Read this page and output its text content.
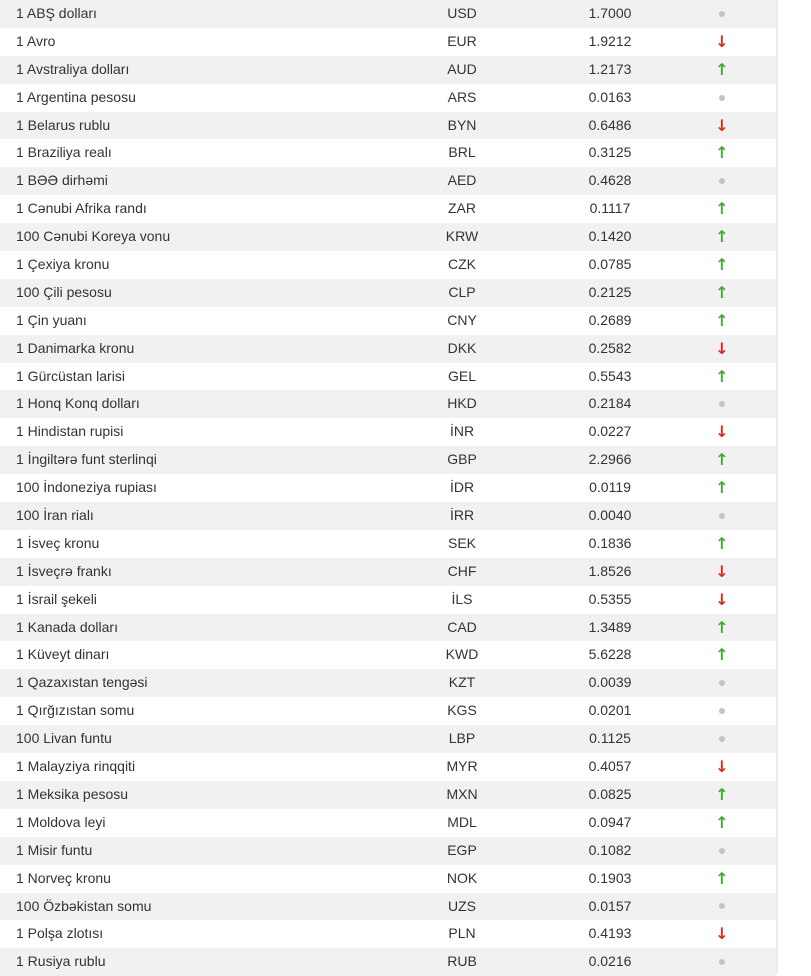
1 ABŞ dolları	USD	1.7000
1 Avro	EUR	1.9212	↓
1 Avstraliya dolları	AUD	1.2173	↑
1 Argentina pesosu	ARS	0.0163
1 Belarus rublu	BYN	0.6486	↓
1 Braziliya realı	BRL	0.3125	↑
1 BƏƏ dirhəmi	AED	0.4628
1 Cənubi Afrika randı	ZAR	0.1117	↑
100 Cənubi Koreya vonu	KRW	0.1420	↑
1 Çexiya kronu	CZK	0.0785	↑
100 Çili pesosu	CLP	0.2125	↑
1 Çin yuanı	CNY	0.2689	↑
1 Danimarka kronu	DKK	0.2582	↓
1 Gürcüstan larisi	GEL	0.5543	↑
1 Honq Konq dolları	HKD	0.2184
1 Hindistan rupisi	İNR	0.0227	↓
1 İngiltərə funt sterlinqi	GBP	2.2966	↑
100 İndoneziya rupiası	İDR	0.0119	↑
100 İran rialı	İRR	0.0040
1 İsveç kronu	SEK	0.1836	↑
1 İsveçrə frankı	CHF	1.8526	↓
1 İsrail şekeli	İLS	0.5355	↓
1 Kanada dolları	CAD	1.3489	↑
1 Küveyt dinarı	KWD	5.6228	↑
1 Qazaxıstan tengəsi	KZT	0.0039
1 Qırğızıstan somu	KGS	0.0201
100 Livan funtu	LBP	0.1125
1 Malayziya rinqqiti	MYR	0.4057	↓
1 Meksika pesosu	MXN	0.0825	↑
1 Moldova leyi	MDL	0.0947	↑
1 Misir funtu	EGP	0.1082
1 Norveç kronu	NOK	0.1903	↑
100 Özbəkistan somu	UZS	0.0157
1 Polşa zlotısı	PLN	0.4193	↓
1 Rusiya rublu	RUB	0.0216
